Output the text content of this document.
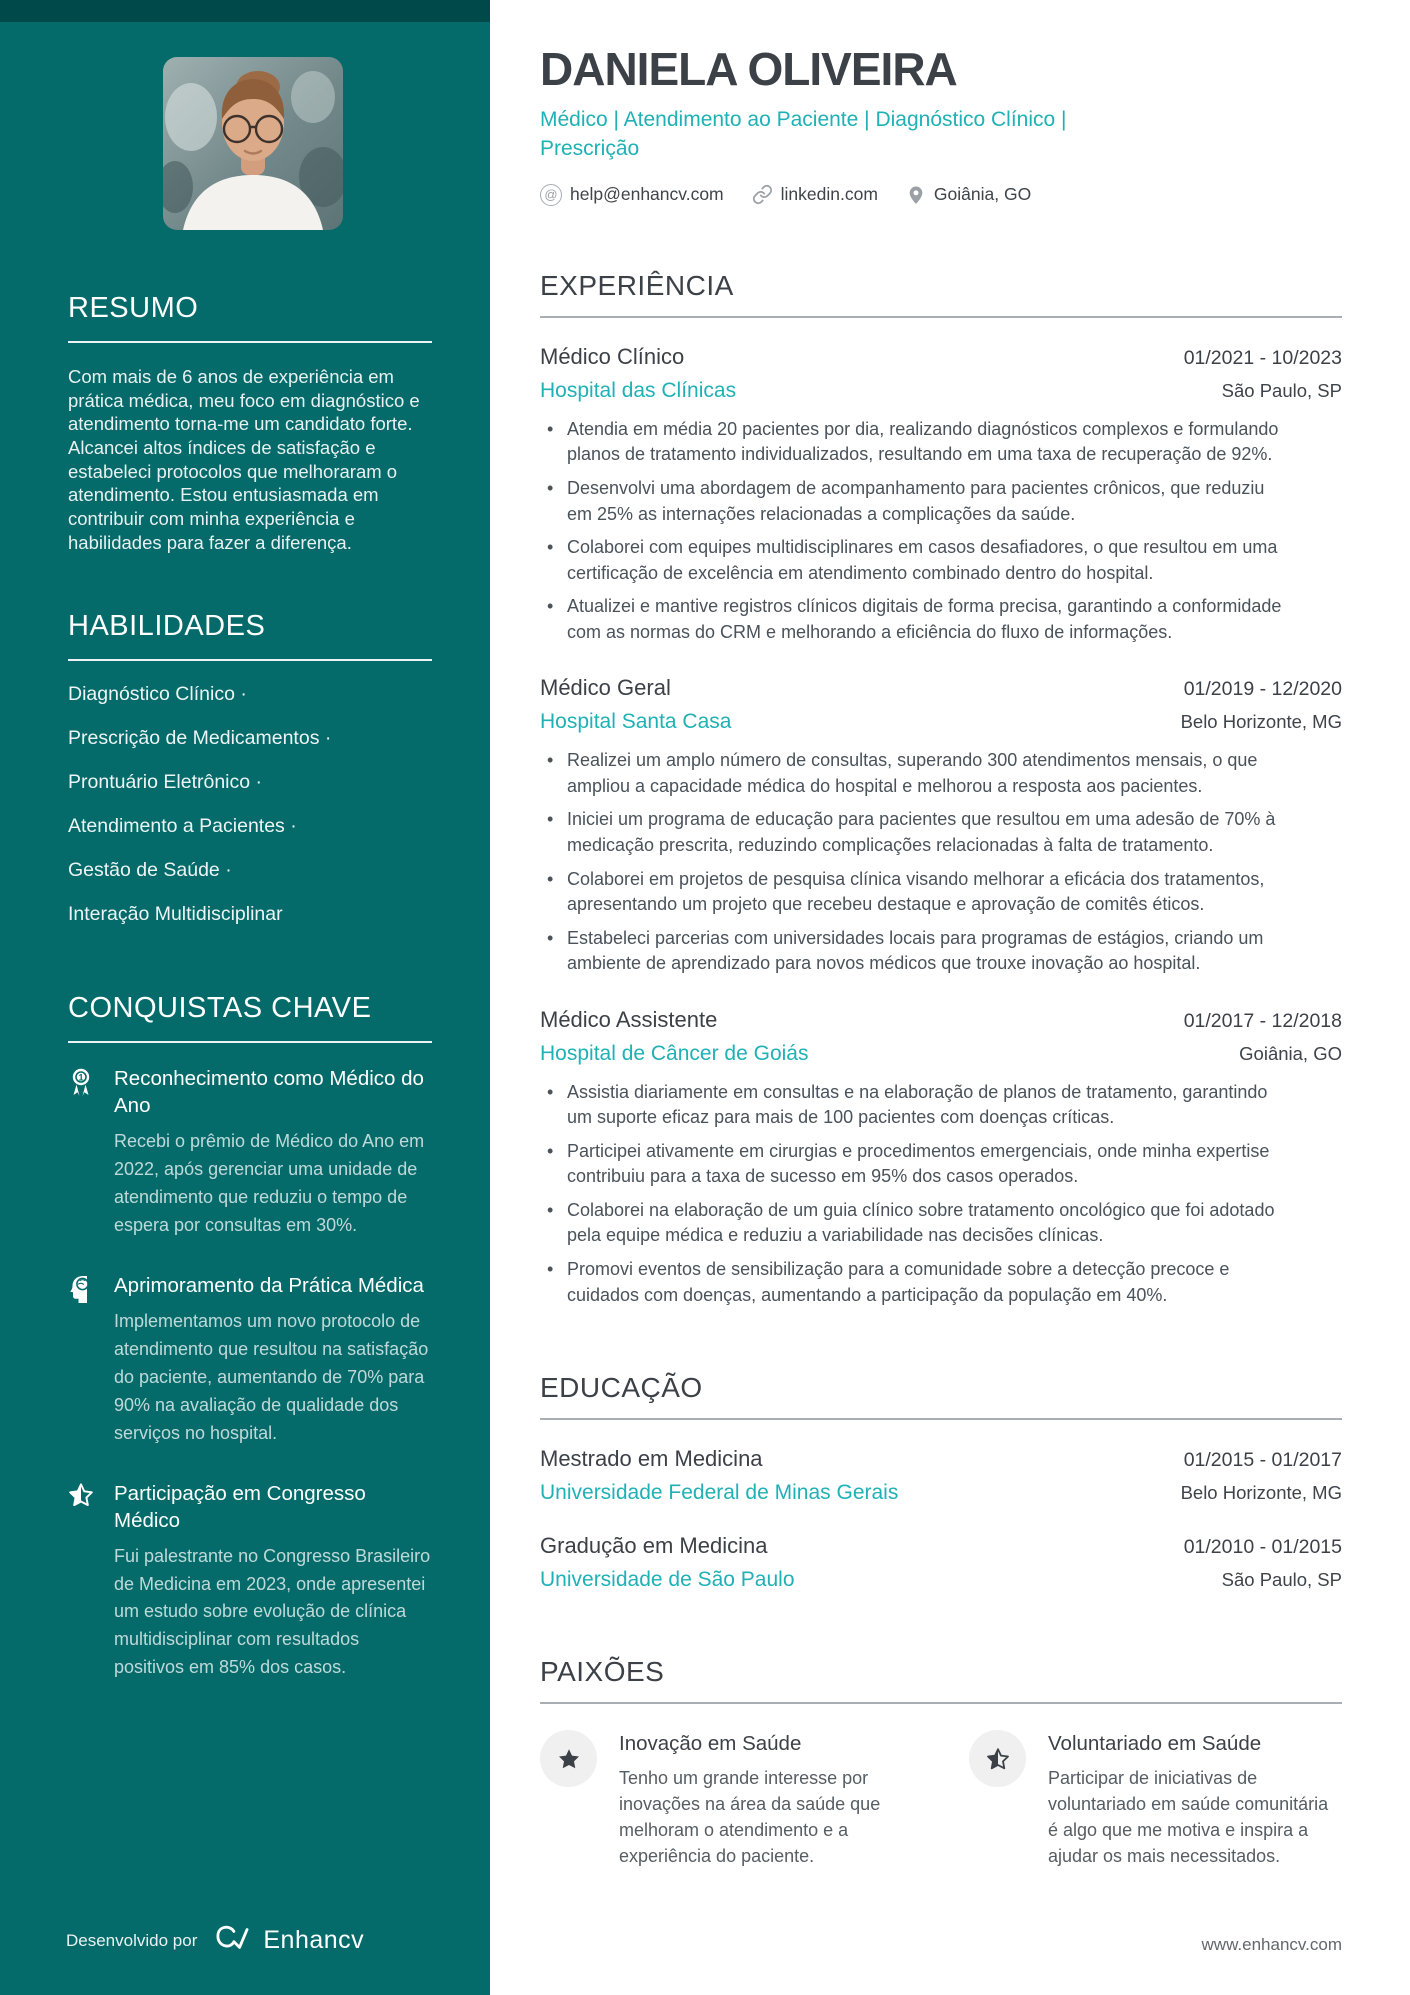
RESUMO

Com mais de 6 anos de experiência em prática médica, meu foco em diagnóstico e atendimento torna-me um candidato forte. Alcancei altos índices de satisfação e estabeleci protocolos que melhoraram o atendimento. Estou entusiasmada em contribuir com minha experiência e habilidades para fazer a diferença.

HABILIDADES
Diagnóstico Clínico ·
Prescrição de Medicamentos ·
Prontuário Eletrônico ·
Atendimento a Pacientes ·
Gestão de Saúde ·
Interação Multidisciplinar
CONQUISTAS CHAVE
1 Reconhecimento como Médico do Ano

Recebi o prêmio de Médico do Ano em 2022, após gerenciar uma unidade de atendimento que reduziu o tempo de espera por consultas em 30%.

Aprimoramento da Prática Médica

Implementamos um novo protocolo de atendimento que resultou na satisfação do paciente, aumentando de 70% para 90% na avaliação de qualidade dos serviços no hospital.

Participação em Congresso Médico

Fui palestrante no Congresso Brasileiro de Medicina em 2023, onde apresentei um estudo sobre evolução de clínica multidisciplinar com resultados positivos em 85% dos casos.

Desenvolvido por	Enhancv
DANIELA OLIVEIRA

Médico | Atendimento ao Paciente | Diagnóstico Clínico | Prescrição

@
help@enhancv.com	linkedin.com	Goiânia, GO
EXPERIÊNCIA
Médico Clínico	01/2021 - 10/2023
Hospital das Clínicas	São Paulo, SP
• Atendia em média 20 pacientes por dia, realizando diagnósticos complexos e formulando planos de tratamento individualizados, resultando em uma taxa de recuperação de 92%.
• Desenvolvi uma abordagem de acompanhamento para pacientes crônicos, que reduziu em 25% as internações relacionadas a complicações da saúde.
• Colaborei com equipes multidisciplinares em casos desafiadores, o que resultou em uma certificação de excelência em atendimento combinado dentro do hospital.
• Atualizei e mantive registros clínicos digitais de forma precisa, garantindo a conformidade com as normas do CRM e melhorando a eficiência do fluxo de informações.
Médico Geral	01/2019 - 12/2020
Hospital Santa Casa	Belo Horizonte, MG
• Realizei um amplo número de consultas, superando 300 atendimentos mensais, o que ampliou a capacidade médica do hospital e melhorou a resposta aos pacientes.
• Iniciei um programa de educação para pacientes que resultou em uma adesão de 70% à medicação prescrita, reduzindo complicações relacionadas à falta de tratamento.
• Colaborei em projetos de pesquisa clínica visando melhorar a eficácia dos tratamentos, apresentando um projeto que recebeu destaque e aprovação de comitês éticos.
• Estabeleci parcerias com universidades locais para programas de estágios, criando um ambiente de aprendizado para novos médicos que trouxe inovação ao hospital.
Médico Assistente	01/2017 - 12/2018
Hospital de Câncer de Goiás	Goiânia, GO
• Assistia diariamente em consultas e na elaboração de planos de tratamento, garantindo um suporte eficaz para mais de 100 pacientes com doenças críticas.
• Participei ativamente em cirurgias e procedimentos emergenciais, onde minha expertise contribuiu para a taxa de sucesso em 95% dos casos operados.
• Colaborei na elaboração de um guia clínico sobre tratamento oncológico que foi adotado pela equipe médica e reduziu a variabilidade nas decisões clínicas.
• Promovi eventos de sensibilização para a comunidade sobre a detecção precoce e cuidados com doenças, aumentando a participação da população em 40%.
EDUCAÇÃO
Mestrado em Medicina	01/2015 - 01/2017
Universidade Federal de Minas Gerais	Belo Horizonte, MG
Gradução em Medicina	01/2010 - 01/2015
Universidade de São Paulo	São Paulo, SP
PAIXÕES
Inovação em Saúde

Tenho um grande interesse por inovações na área da saúde que melhoram o atendimento e a experiência do paciente.

Voluntariado em Saúde

Participar de iniciativas de voluntariado em saúde comunitária é algo que me motiva e inspira a ajudar os mais necessitados.

www.enhancv.com
